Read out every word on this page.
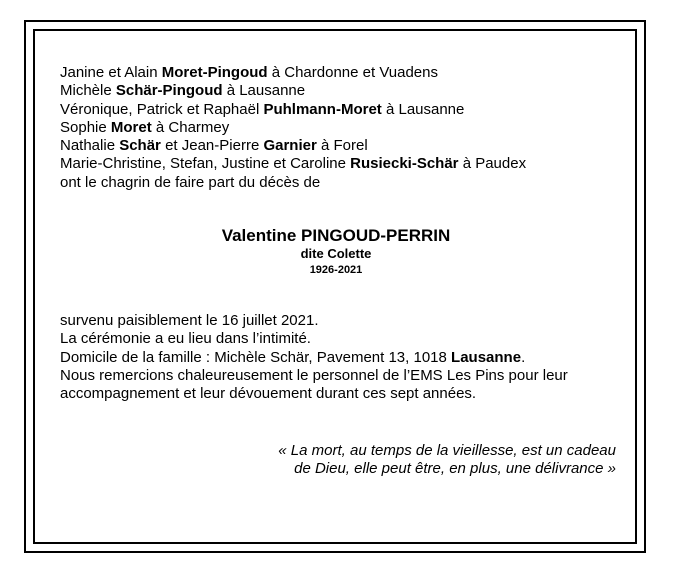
Janine et Alain Moret-Pingoud à Chardonne et Vuadens
Michèle Schär-Pingoud à Lausanne
Véronique, Patrick et Raphaël Puhlmann-Moret à Lausanne
Sophie Moret à Charmey
Nathalie Schär et Jean-Pierre Garnier à Forel
Marie-Christine, Stefan, Justine et Caroline Rusiecki-Schär à Paudex
ont le chagrin de faire part du décès de
Valentine PINGOUD-PERRIN
dite Colette
1926-2021
survenu paisiblement le 16 juillet 2021.
La cérémonie a eu lieu dans l’intimité.
Domicile de la famille : Michèle Schär, Pavement 13, 1018 Lausanne.
Nous remercions chaleureusement le personnel de l’EMS Les Pins pour leur
accompagnement et leur dévouement durant ces sept années.
« La mort, au temps de la vieillesse, est un cadeau
de Dieu, elle peut être, en plus, une délivrance »
